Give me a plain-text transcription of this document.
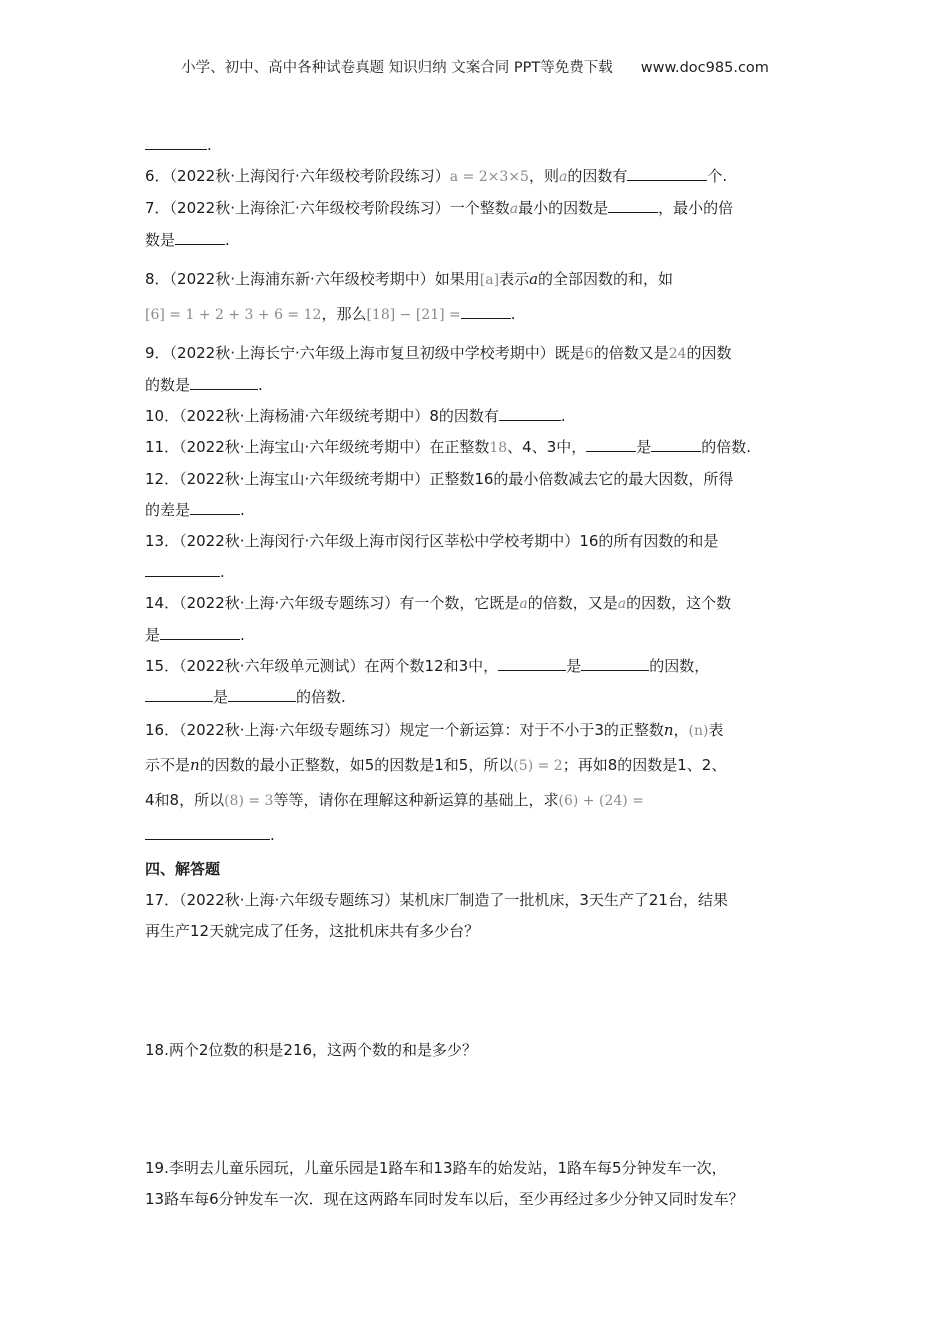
小学、初中、高中各种试卷真题 知识归纳 文案合同 PPT等免费下载 www.doc985.com
.
6．（2022秋·上海闵行·六年级校考阶段练习）a = 2×3×5，则a的因数有	个.
7．（2022秋·上海徐汇·六年级校考阶段练习）一个整数a最小的因数是	，最小的倍
数是	.
8．（2022秋·上海浦东新·六年级校考期中）如果用[a]表示a的全部因数的和，如
[6] = 1 + 2 + 3 + 6 = 12，那么[18] − [21] =	.
9．（2022秋·上海长宁·六年级上海市复旦初级中学校考期中）既是6的倍数又是24的因数
的数是	.
10．（2022秋·上海杨浦·六年级统考期中）8的因数有	.
11．（2022秋·上海宝山·六年级统考期中）在正整数18、4、3中，	是	的倍数.
12．（2022秋·上海宝山·六年级统考期中）正整数16的最小倍数减去它的最大因数，所得
的差是	.
13．（2022秋·上海闵行·六年级上海市闵行区莘松中学校考期中）16的所有因数的和是
.
14．（2022秋·上海·六年级专题练习）有一个数，它既是a的倍数，又是a的因数，这个数
是	.
15．（2022秋·六年级单元测试）在两个数12和3中，	是	的因数，
是	的倍数.
16．（2022秋·上海·六年级专题练习）规定一个新运算：对于不小于3的正整数n，(n)表
示不是n的因数的最小正整数，如5的因数是1和5，所以(5) = 2；再如8的因数是1、2、
4和8，所以(8) = 3等等，请你在理解这种新运算的基础上，求(6) + (24) =
.
四、解答题
17．（2022秋·上海·六年级专题练习）某机床厂制造了一批机床，3天生产了21台，结果
再生产12天就完成了任务，这批机床共有多少台？
18.两个2位数的积是216，这两个数的和是多少？
19.李明去儿童乐园玩，儿童乐园是1路车和13路车的始发站，1路车每5分钟发车一次，
13路车每6分钟发车一次．现在这两路车同时发车以后，至少再经过多少分钟又同时发车？
